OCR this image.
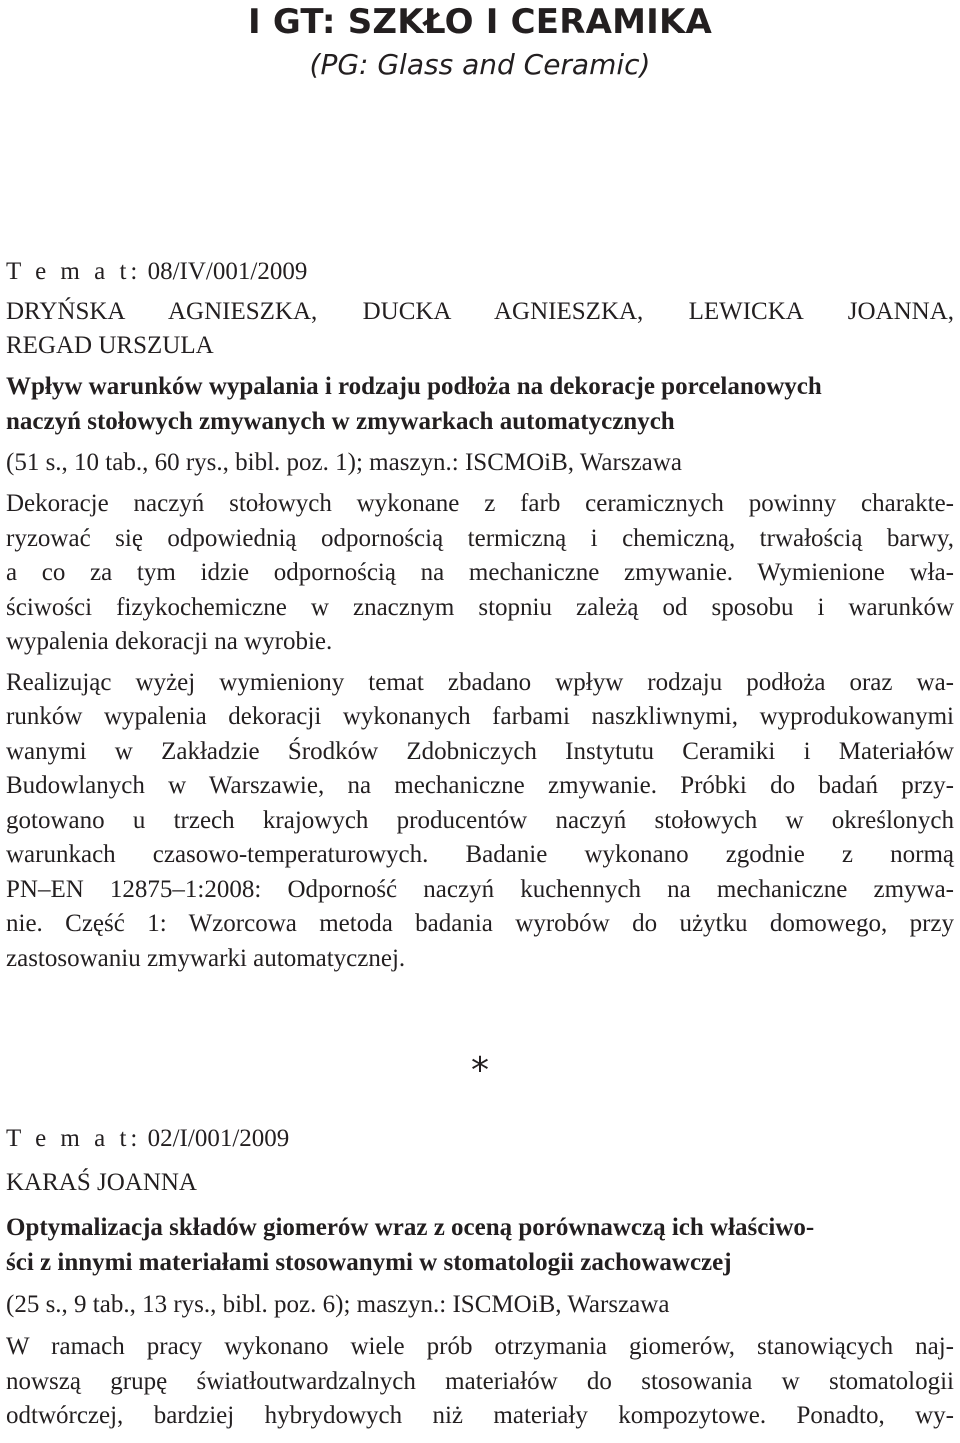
I GT: SZKŁO I CERAMIKA
(PG: Glass and Ceramic)
T e m a t: 08/IV/001/2009
DRYŃSKA AGNIESZKA, DUCKA AGNIESZKA, LEWICKA JOANNA,
REGAD URSZULA
Wpływ warunków wypalania i rodzaju podłoża na dekoracje porcelanowych
naczyń stołowych zmywanych w zmywarkach automatycznych
(51 s., 10 tab., 60 rys., bibl. poz. 1); maszyn.: ISCMOiB, Warszawa
Dekoracje naczyń stołowych wykonane z farb ceramicznych powinny charakte-
ryzować się odpowiednią odpornością termiczną i chemiczną, trwałością barwy,
a co za tym idzie odpornością na mechaniczne zmywanie. Wymienione wła-
ściwości fizykochemiczne w znacznym stopniu zależą od sposobu i warunków
wypalenia dekoracji na wyrobie.
Realizując wyżej wymieniony temat zbadano wpływ rodzaju podłoża oraz wa-
runków wypalenia dekoracji wykonanych farbami naszkliwnymi, wyprodukowanymi
wanymi w Zakładzie Środków Zdobniczych Instytutu Ceramiki i Materiałów
Budowlanych w Warszawie, na mechaniczne zmywanie. Próbki do badań przy-
gotowano u trzech krajowych producentów naczyń stołowych w określonych
warunkach czasowo-temperaturowych. Badanie wykonano zgodnie z normą
PN–EN 12875–1:2008: Odporność naczyń kuchennych na mechaniczne zmywa-
nie. Część 1: Wzorcowa metoda badania wyrobów do użytku domowego, przy
zastosowaniu zmywarki automatycznej.
*
T e m a t: 02/I/001/2009
KARAŚ JOANNA
Optymalizacja składów giomerów wraz z oceną porównawczą ich właściwo-
ści z innymi materiałami stosowanymi w stomatologii zachowawczej
(25 s., 9 tab., 13 rys., bibl. poz. 6); maszyn.: ISCMOiB, Warszawa
W ramach pracy wykonano wiele prób otrzymania giomerów, stanowiących naj-
nowszą grupę światłoutwardzalnych materiałów do stosowania w stomatologii
odtwórczej, bardziej hybrydowych niż materiały kompozytowe. Ponadto, wy-
